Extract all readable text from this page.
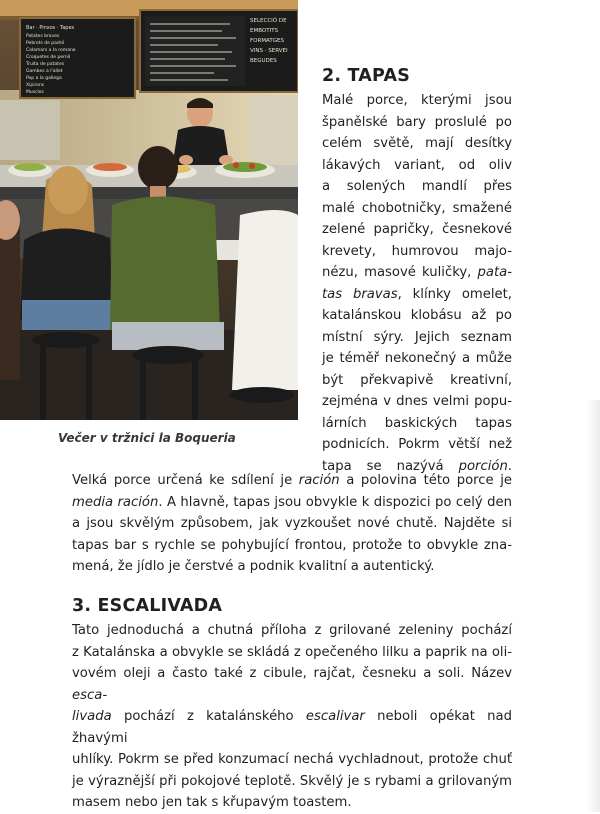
Bar · Pinxos · Tapes
Patates braves
Pebrots de padró
Calamars a la romana
Croquetes de pernil
Truita de patates
Gambes a l'allet
Pop a la gallega
Xipirons
Musclos
SELECCIÓ DE
EMBOTITS
FORMATGES
VINS · SERVEI
BEGUDES
Večer v tržnici la Boqueria
2. TAPAS
Malé porce, kterými jsou
španělské bary proslulé po
celém světě, mají desítky
lákavých variant, od oliv
a solených mandlí přes
malé chobotničky, smažené
zelené papričky, česnekové
krevety, humrovou majo-
nézu, masové kuličky, pata-
tas bravas, klínky omelet,
katalánskou klobásu až po
místní sýry. Jejich seznam
je téměř nekonečný a může
být překvapivě kreativní,
zejména v dnes velmi popu-
lárních baskických tapas
podnicích. Pokrm větší než
tapa se nazývá porción.
Velká porce určená ke sdílení je ración a polovina této porce je
media ración. A hlavně, tapas jsou obvykle k dispozici po celý den
a jsou skvělým způsobem, jak vyzkoušet nové chutě. Najděte si
tapas bar s rychle se pohybující frontou, protože to obvykle zna-
mená, že jídlo je čerstvé a podnik kvalitní a autentický.
3. ESCALIVADA
Tato jednoduchá a chutná příloha z grilované zeleniny pochází
z Katalánska a obvykle se skládá z opečeného lilku a paprik na oli-
vovém oleji a často také z cibule, rajčat, česneku a soli. Název esca-
livada pochází z katalánského escalivar neboli opékat nad žhavými
uhlíky. Pokrm se před konzumací nechá vychladnout, protože chuť
je výraznější při pokojové teplotě. Skvělý je s rybami a grilovaným
masem nebo jen tak s křupavým toastem.
